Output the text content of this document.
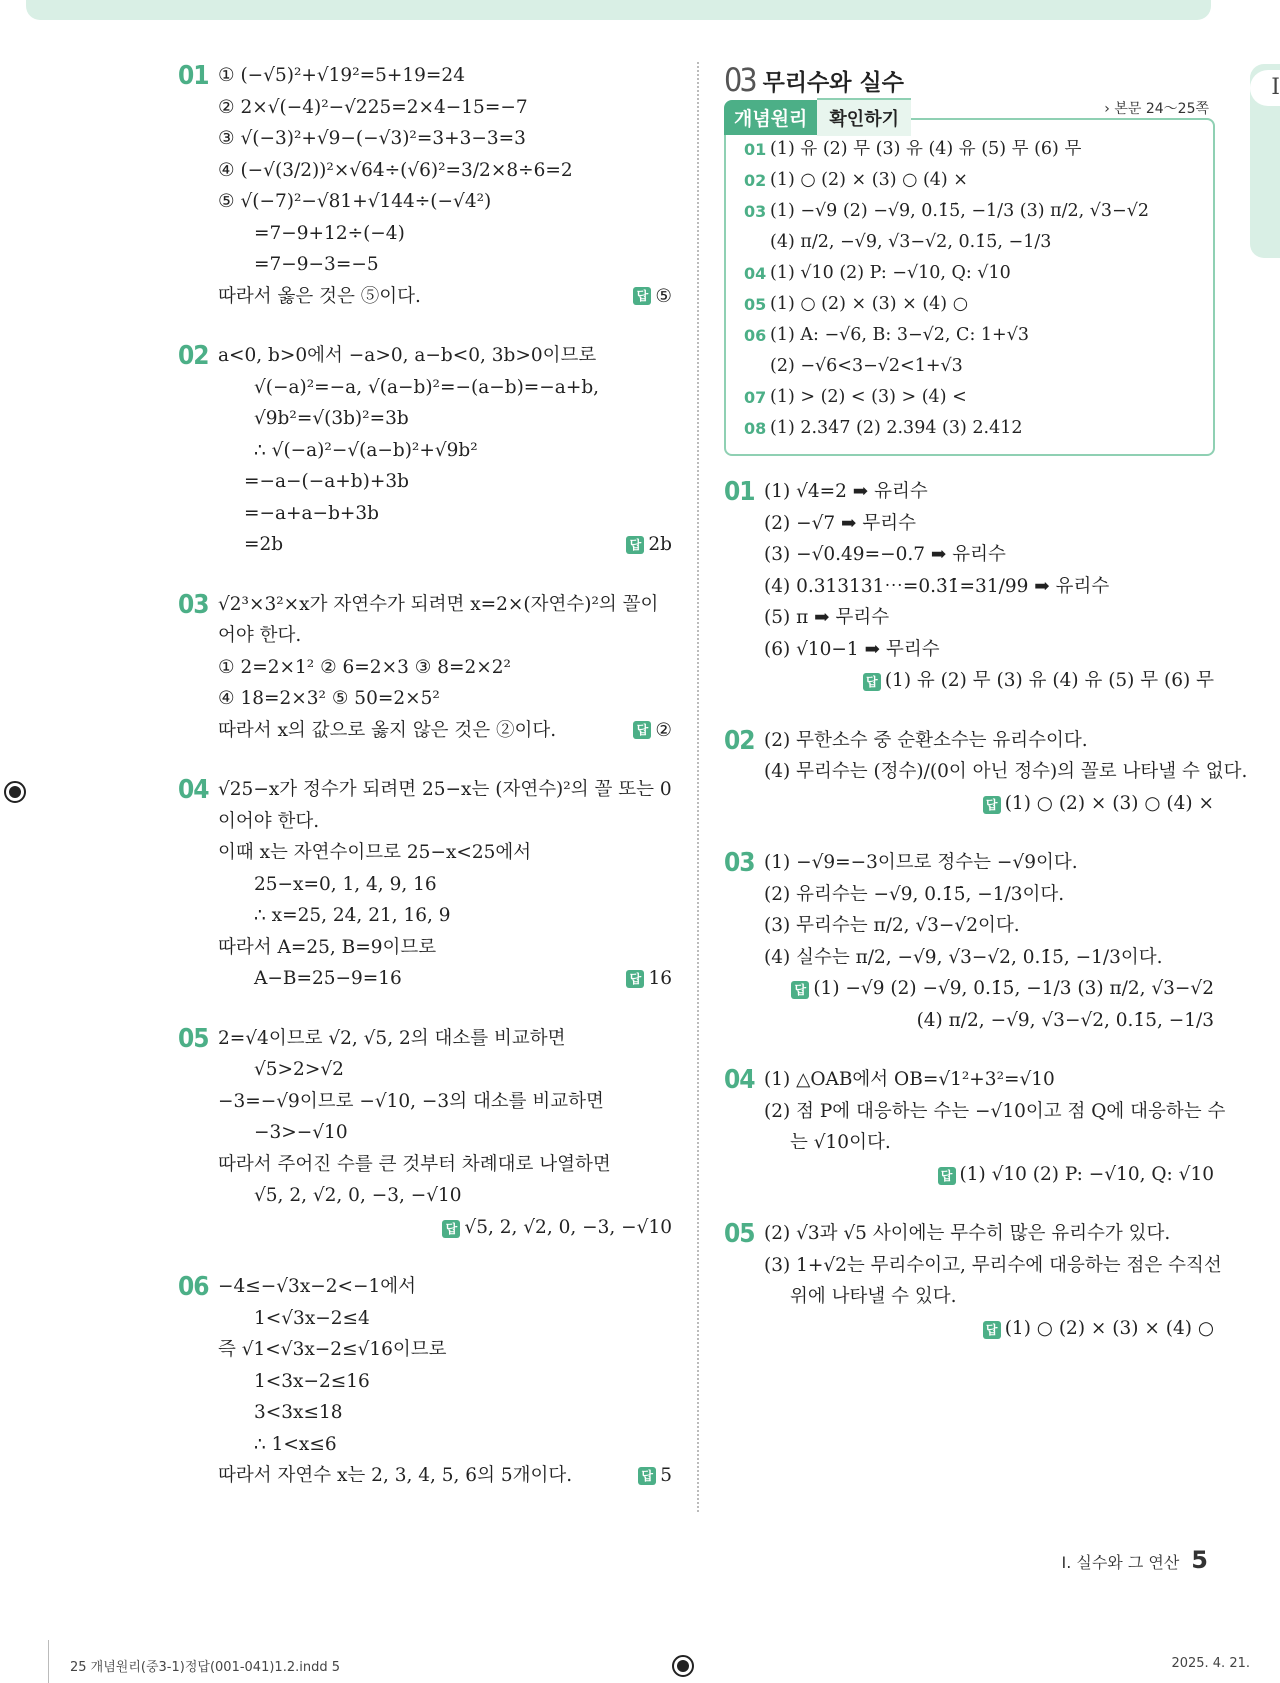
Ⅰ
01 ① (−√5)²+√19²=5+19=24
② 2×√(−4)²−√225=2×4−15=−7
③ √(−3)²+√9−(−√3)²=3+3−3=3
④ (−√(3/2))²×√64÷(√6)²=3/2×8÷6=2
⑤ √(−7)²−√81+√144÷(−√4²)
=7−9+12÷(−4)
=7−9−3=−5
따라서 옳은 것은 ⑤이다.	답 ⑤
02 a<0, b>0에서 −a>0, a−b<0, 3b>0이므로
√(−a)²=−a, √(a−b)²=−(a−b)=−a+b,
√9b²=√(3b)²=3b
∴ √(−a)²−√(a−b)²+√9b²
=−a−(−a+b)+3b
=−a+a−b+3b
=2b	답 2b
03 √2³×3²×x가 자연수가 되려면 x=2×(자연수)²의 꼴이
어야 한다.
① 2=2×1² ② 6=2×3 ③ 8=2×2²
④ 18=2×3² ⑤ 50=2×5²
따라서 x의 값으로 옳지 않은 것은 ②이다.	답 ②
04 √25−x가 정수가 되려면 25−x는 (자연수)²의 꼴 또는 0
이어야 한다.
이때 x는 자연수이므로 25−x<25에서
25−x=0, 1, 4, 9, 16
∴ x=25, 24, 21, 16, 9
따라서 A=25, B=9이므로
A−B=25−9=16	답 16
05 2=√4이므로 √2, √5, 2의 대소를 비교하면
√5>2>√2
−3=−√9이므로 −√10, −3의 대소를 비교하면
−3>−√10
따라서 주어진 수를 큰 것부터 차례대로 나열하면
√5, 2, √2, 0, −3, −√10
답 √5, 2, √2, 0, −3, −√10
06 −4≤−√3x−2<−1에서
1<√3x−2≤4
즉 √1<√3x−2≤√16이므로
1<3x−2≤16
3<3x≤18
∴ 1<x≤6
따라서 자연수 x는 2, 3, 4, 5, 6의 5개이다.	답 5
03 무리수와 실수
개념원리	확인하기	› 본문 24～25쪽
01 (1) 유 (2) 무 (3) 유 (4) 유 (5) 무 (6) 무
02 (1) ○ (2) × (3) ○ (4) ×
03 (1) −√9 (2) −√9, 0.1̇5̇, −1/3 (3) π/2, √3−√2
(4) π/2, −√9, √3−√2, 0.1̇5̇, −1/3
04 (1) √10 (2) P: −√10, Q: √10
05 (1) ○ (2) × (3) × (4) ○
06 (1) A: −√6, B: 3−√2, C: 1+√3
(2) −√6<3−√2<1+√3
07 (1) > (2) < (3) > (4) <
08 (1) 2.347 (2) 2.394 (3) 2.412
01 (1) √4=2 ➡ 유리수
(2) −√7 ➡ 무리수
(3) −√0.49=−0.7 ➡ 유리수
(4) 0.313131⋯=0.3̇1̇=31/99 ➡ 유리수
(5) π ➡ 무리수
(6) √10−1 ➡ 무리수
답 (1) 유 (2) 무 (3) 유 (4) 유 (5) 무 (6) 무
02 (2) 무한소수 중 순환소수는 유리수이다.
(4) 무리수는 (정수)/(0이 아닌 정수)의 꼴로 나타낼 수 없다.
답 (1) ○ (2) × (3) ○ (4) ×
03 (1) −√9=−3이므로 정수는 −√9이다.
(2) 유리수는 −√9, 0.1̇5̇, −1/3이다.
(3) 무리수는 π/2, √3−√2이다.
(4) 실수는 π/2, −√9, √3−√2, 0.1̇5̇, −1/3이다.
답 (1) −√9 (2) −√9, 0.1̇5̇, −1/3 (3) π/2, √3−√2
(4) π/2, −√9, √3−√2, 0.1̇5̇, −1/3
04 (1) △OAB에서 OB=√1²+3²=√10
(2) 점 P에 대응하는 수는 −√10이고 점 Q에 대응하는 수
는 √10이다.
답 (1) √10 (2) P: −√10, Q: √10
05 (2) √3과 √5 사이에는 무수히 많은 유리수가 있다.
(3) 1+√2는 무리수이고, 무리수에 대응하는 점은 수직선
위에 나타낼 수 있다.
답 (1) ○ (2) × (3) × (4) ○
Ⅰ. 실수와 그 연산 5
25 개념원리(중3-1)정답(001-041)1.2.indd 5	2025. 4. 21.
